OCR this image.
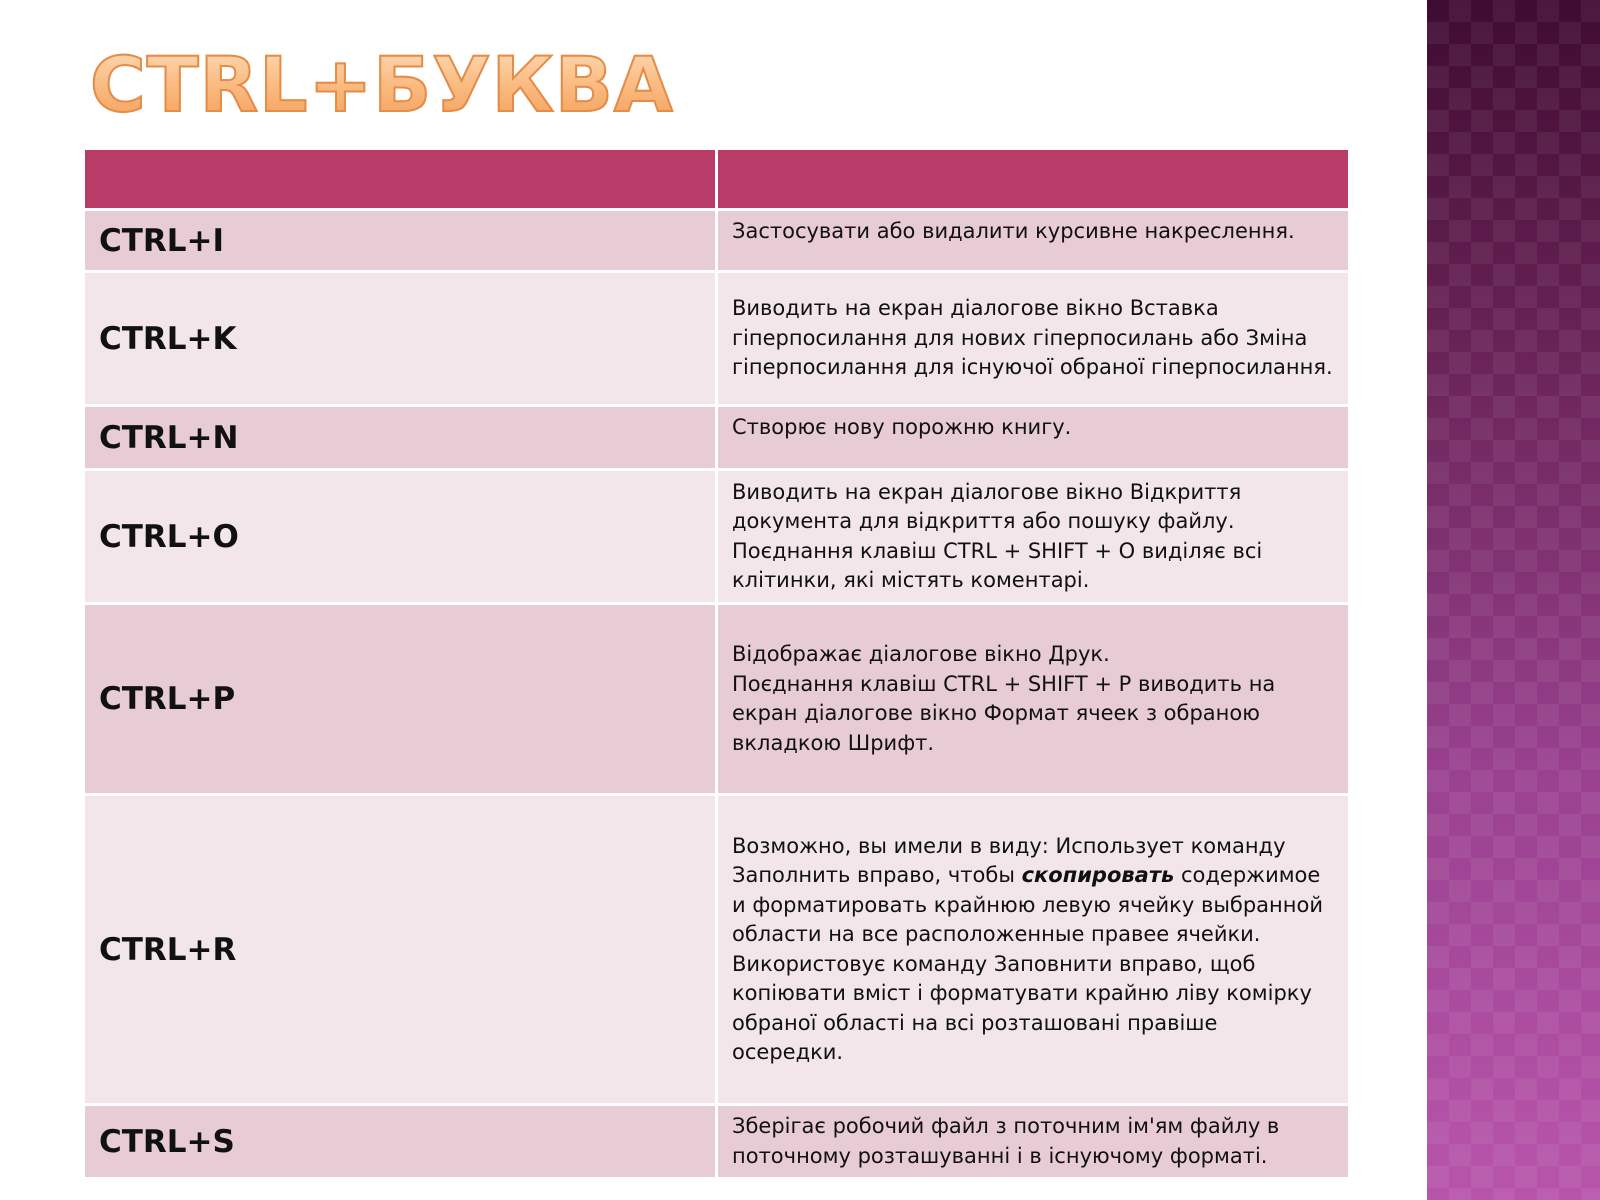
CTRL+БУКВА

CTRL+I	Застосувати або видалити курсивне накреслення.
CTRL+K	Виводить на екран діалогове вікно Вставка гіперпосилання для нових гіперпосилань або Зміна гіперпосилання для існуючої обраної гіперпосилання.
CTRL+N	Створює нову порожню книгу.
CTRL+O	Виводить на екран діалогове вікно Відкриття документа для відкриття або пошуку файлу.
Поєднання клавіш CTRL + SHIFT + O виділяє всі клітинки, які містять коментарі.

CTRL+P	Відображає діалогове вікно Друк.
Поєднання клавіш CTRL + SHIFT + P виводить на екран діалогове вікно Формат ячеек з обраною вкладкою Шрифт.

CTRL+R	Возможно, вы имели в виду: Использует команду Заполнить вправо, чтобы скопировать содержимое и форматировать крайнюю левую ячейку выбранной области на все расположенные правее ячейки.
Використовує команду Заповнити вправо, щоб копіювати вміст і форматувати крайню ліву комірку обраної області на всі розташовані правіше осередки.

CTRL+S	Зберігає робочий файл з поточним ім'ям файлу в поточному розташуванні і в існуючому форматі.
